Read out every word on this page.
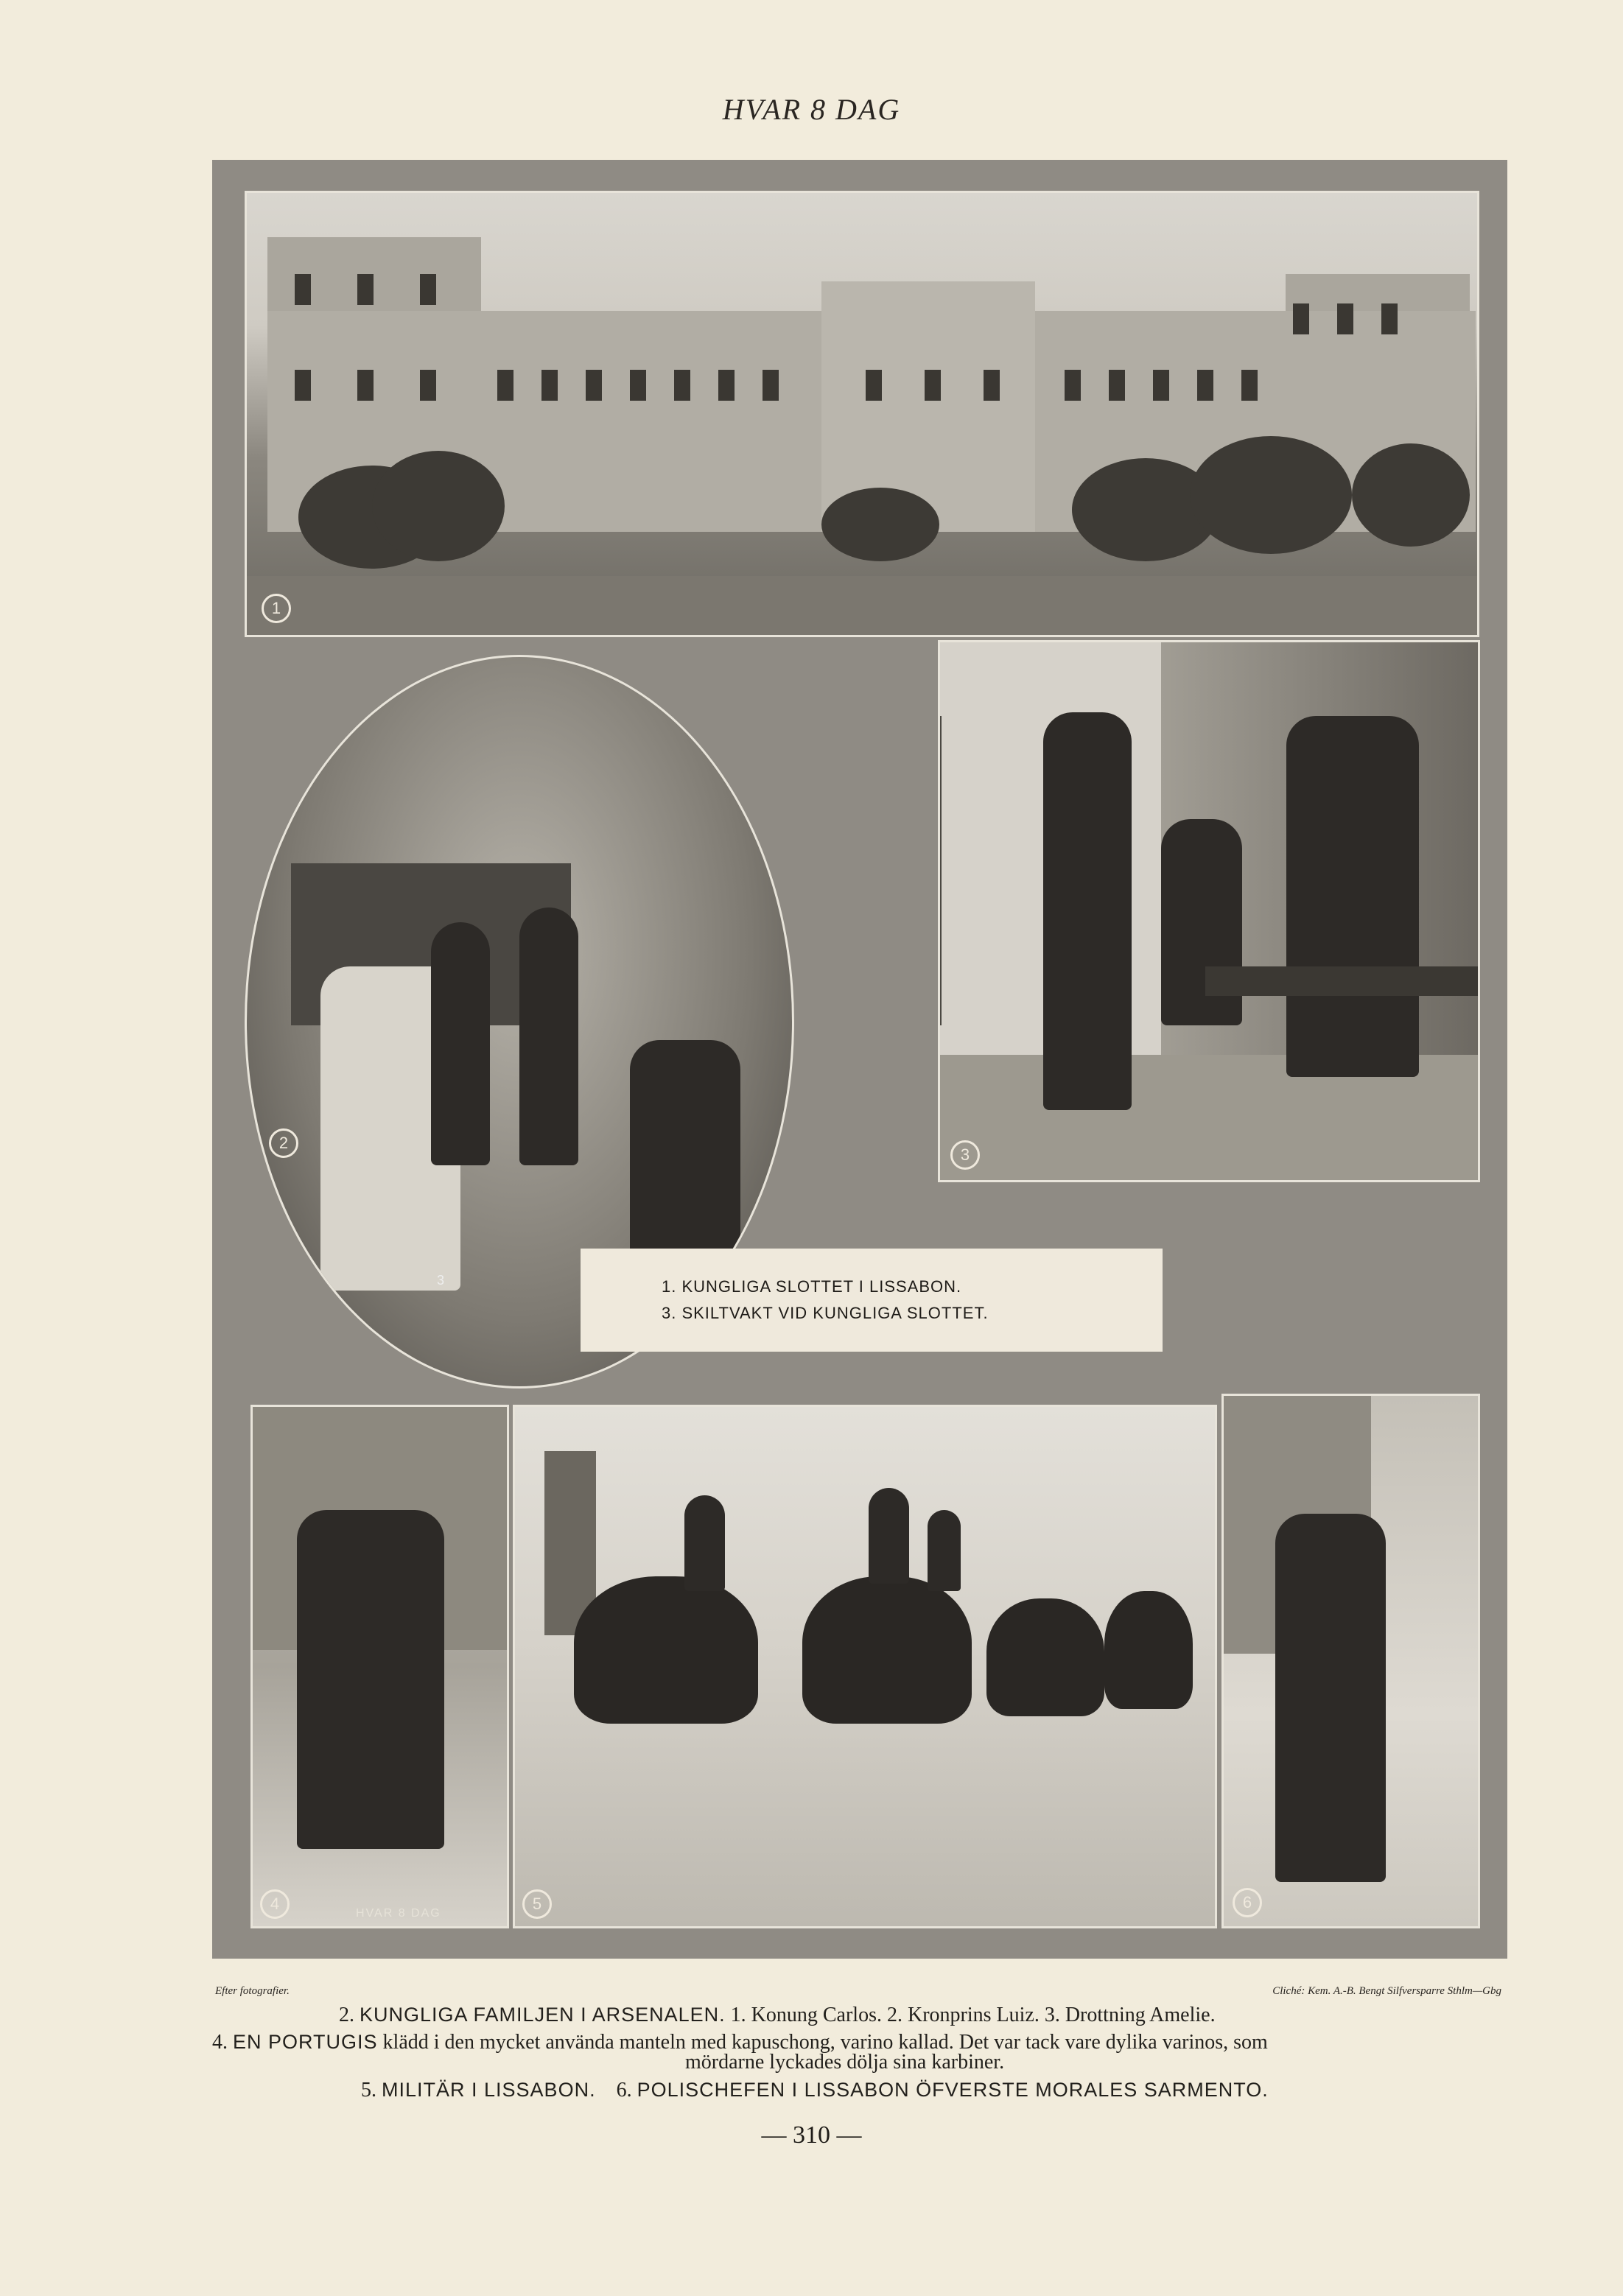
HVAR 8 DAG
1
3
3
2
1. KUNGLIGA SLOTTET I LISSABON.
3. SKILTVAKT VID KUNGLIGA SLOTTET.
HVAR 8 DAG
4	5	6
Efter fotografier.	Cliché: Kem. A.-B. Bengt Silfversparre Sthlm—Gbg
2. KUNGLIGA FAMILJEN I ARSENALEN. 1. Konung Carlos. 2. Kronprins Luiz. 3. Drottning Amelie.
4. EN PORTUGIS klädd i den mycket använda manteln med kapuschong, varino kallad. Det var tack vare dylika varinos, som
mördarne lyckades dölja sina karbiner.
5. MILITÄR I LISSABON. 6. POLISCHEFEN I LISSABON ÖFVERSTE MORALES SARMENTO.
— 310 —
